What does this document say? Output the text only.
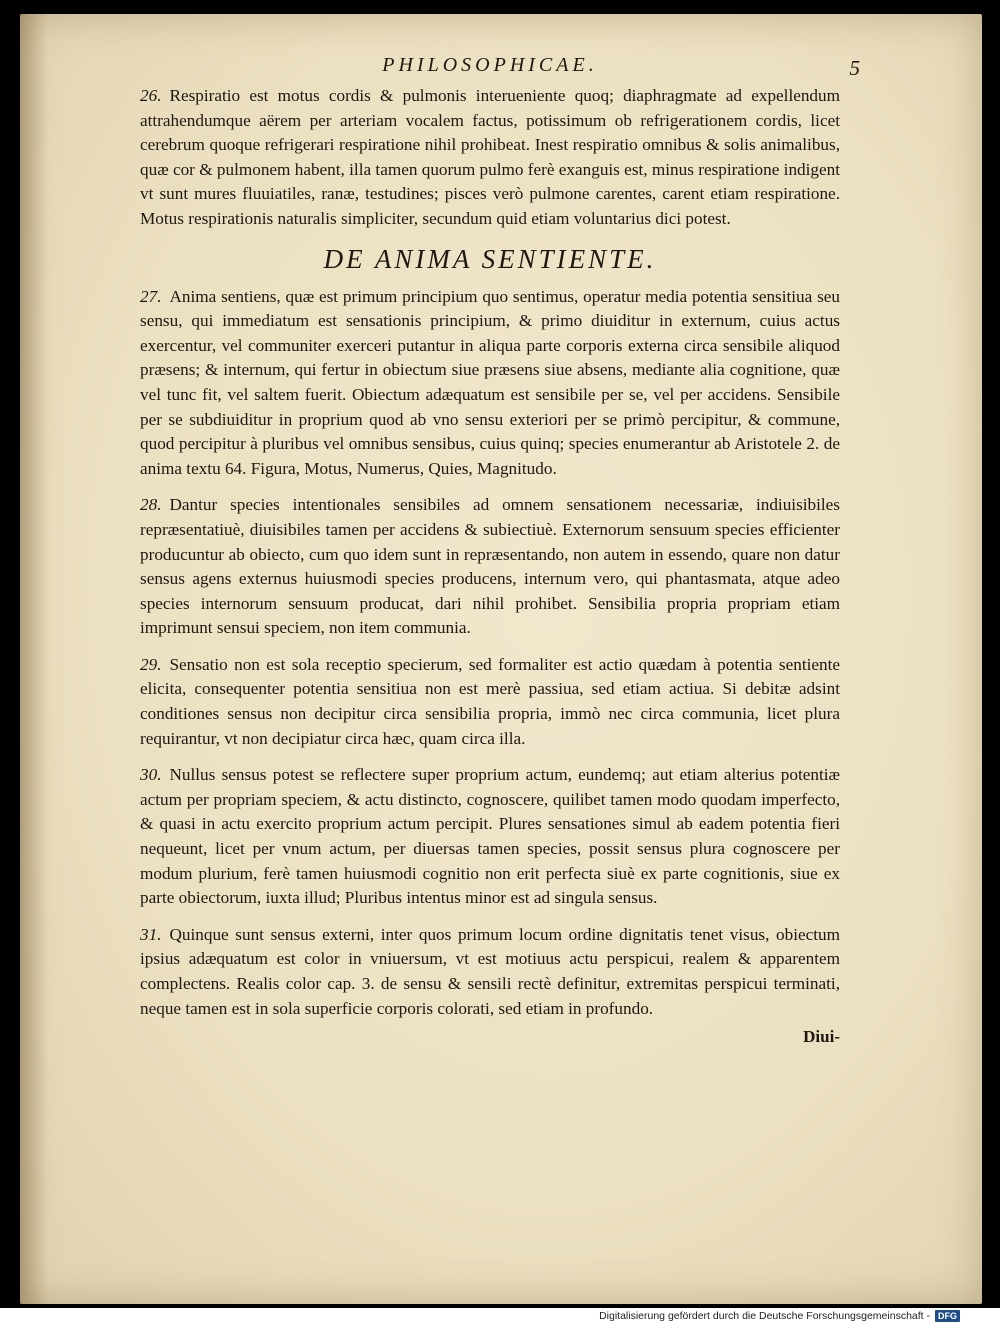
PHILOSOPHICAE.	5

26. Respiratio est motus cordis & pulmonis interueniente quoq; diaphragmate ad expellendum attrahendumque aërem per arteriam vocalem factus, potissimum ob refrigerationem cordis, licet cerebrum quoque refrigerari respiratione nihil prohibeat. Inest respiratio omnibus & solis animalibus, quæ cor & pulmonem habent, illa tamen quorum pulmo ferè exanguis est, minus respiratione indigent vt sunt mures fluuiatiles, ranæ, testudines; pisces verò pulmone carentes, carent etiam respiratione. Motus respirationis naturalis simpliciter, secundum quid etiam voluntarius dici potest.

DE ANIMA SENTIENTE.

27. Anima sentiens, quæ est primum principium quo sentimus, operatur media potentia sensitiua seu sensu, qui immediatum est sensationis principium, & primo diuiditur in externum, cuius actus exercentur, vel communiter exerceri putantur in aliqua parte corporis externa circa sensibile aliquod præsens; & internum, qui fertur in obiectum siue præsens siue absens, mediante alia cognitione, quæ vel tunc fit, vel saltem fuerit. Obiectum adæquatum est sensibile per se, vel per accidens. Sensibile per se subdiuiditur in proprium quod ab vno sensu exteriori per se primò percipitur, & commune, quod percipitur à pluribus vel omnibus sensibus, cuius quinq; species enumerantur ab Aristotele 2. de anima textu 64. Figura, Motus, Numerus, Quies, Magnitudo.

28. Dantur species intentionales sensibiles ad omnem sensationem necessariæ, indiuisibiles repræsentatiuè, diuisibiles tamen per accidens & subiectiuè. Externorum sensuum species efficienter producuntur ab obiecto, cum quo idem sunt in repræsentando, non autem in essendo, quare non datur sensus agens externus huiusmodi species producens, internum vero, qui phantasmata, atque adeo species internorum sensuum producat, dari nihil prohibet. Sensibilia propria propriam etiam imprimunt sensui speciem, non item communia.

29. Sensatio non est sola receptio specierum, sed formaliter est actio quædam à potentia sentiente elicita, consequenter potentia sensitiua non est merè passiua, sed etiam actiua. Si debitæ adsint conditiones sensus non decipitur circa sensibilia propria, immò nec circa communia, licet plura requirantur, vt non decipiatur circa hæc, quam circa illa.

30. Nullus sensus potest se reflectere super proprium actum, eundemq; aut etiam alterius potentiæ actum per propriam speciem, & actu distincto, cognoscere, quilibet tamen modo quodam imperfecto, & quasi in actu exercito proprium actum percipit. Plures sensationes simul ab eadem potentia fieri nequeunt, licet per vnum actum, per diuersas tamen species, possit sensus plura cognoscere per modum plurium, ferè tamen huiusmodi cognitio non erit perfecta siuè ex parte cognitionis, siue ex parte obiectorum, iuxta illud; Pluribus intentus minor est ad singula sensus.

31. Quinque sunt sensus externi, inter quos primum locum ordine dignitatis tenet visus, obiectum ipsius adæquatum est color in vniuersum, vt est motiuus actu perspicui, realem & apparentem complectens. Realis color cap. 3. de sensu & sensili rectè definitur, extremitas perspicui terminati, neque tamen est in sola superficie corporis colorati, sed etiam in profundo.

Diui-
Digitalisierung gefördert durch die Deutsche Forschungsgemeinschaft - DFG
